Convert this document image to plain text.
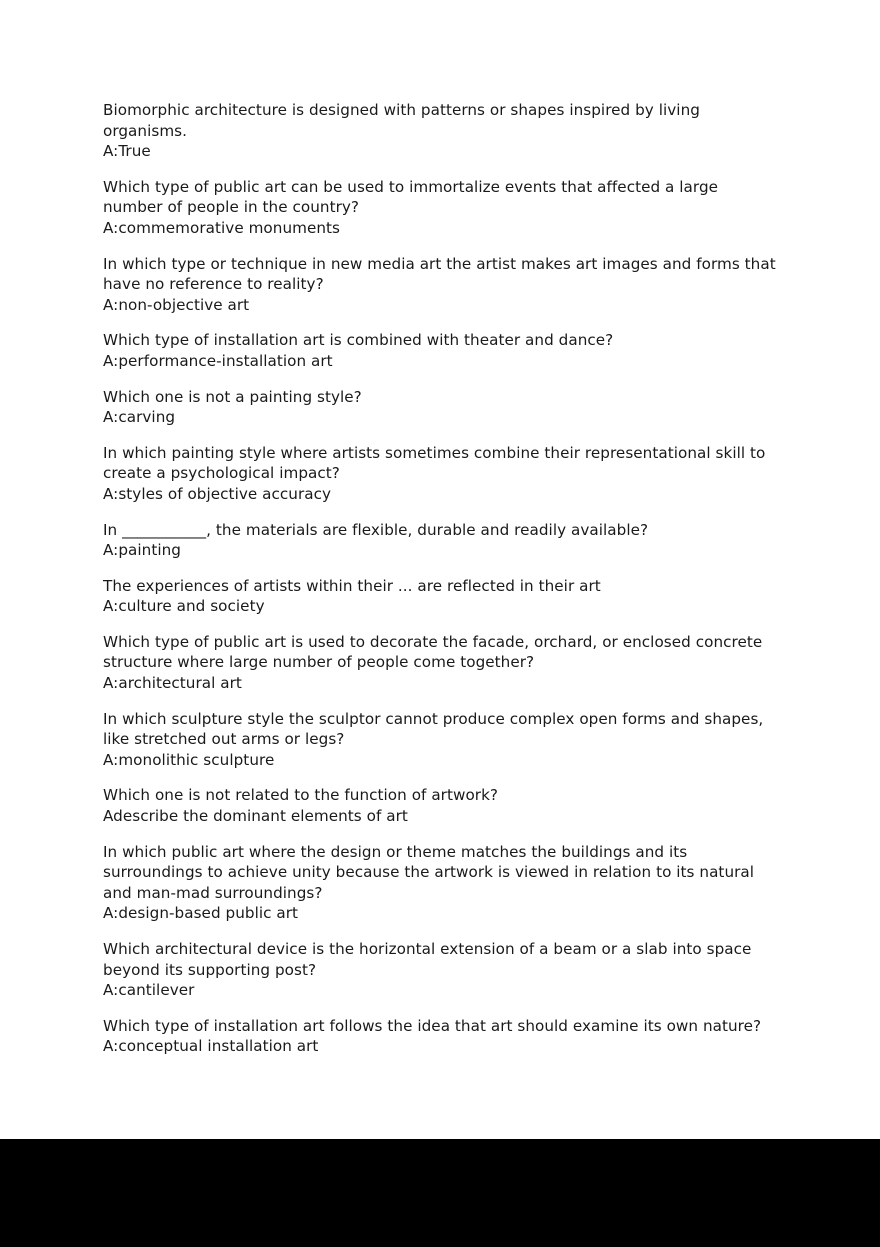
Biomorphic architecture is designed with patterns or shapes inspired by living organisms.
A:True
Which type of public art can be used to immortalize events that affected a large number of people in the country?
A:commemorative monuments
In which type or technique in new media art the artist makes art images and forms that have no reference to reality?
A:non-objective art
Which type of installation art is combined with theater and dance?
A:performance-installation art
Which one is not a painting style?
A:carving
In which painting style where artists sometimes combine their representational skill to create a psychological impact?
A:styles of objective accuracy
In ___________, the materials are flexible, durable and readily available?
A:painting
The experiences of artists within their ... are reflected in their art
A:culture and society
Which type of public art is used to decorate the facade, orchard, or enclosed concrete structure where large number of people come together?
A:architectural art
In which sculpture style the sculptor cannot produce complex open forms and shapes, like stretched out arms or legs?
A:monolithic sculpture
Which one is not related to the function of artwork?
Adescribe the dominant elements of art
In which public art where the design or theme matches the buildings and its surroundings to achieve unity because the artwork is viewed in relation to its natural and man-mad surroundings?
A:design-based public art
Which architectural device is the horizontal extension of a beam or a slab into space beyond its supporting post?
A:cantilever
Which type of installation art follows the idea that art should examine its own nature?
A:conceptual installation art
